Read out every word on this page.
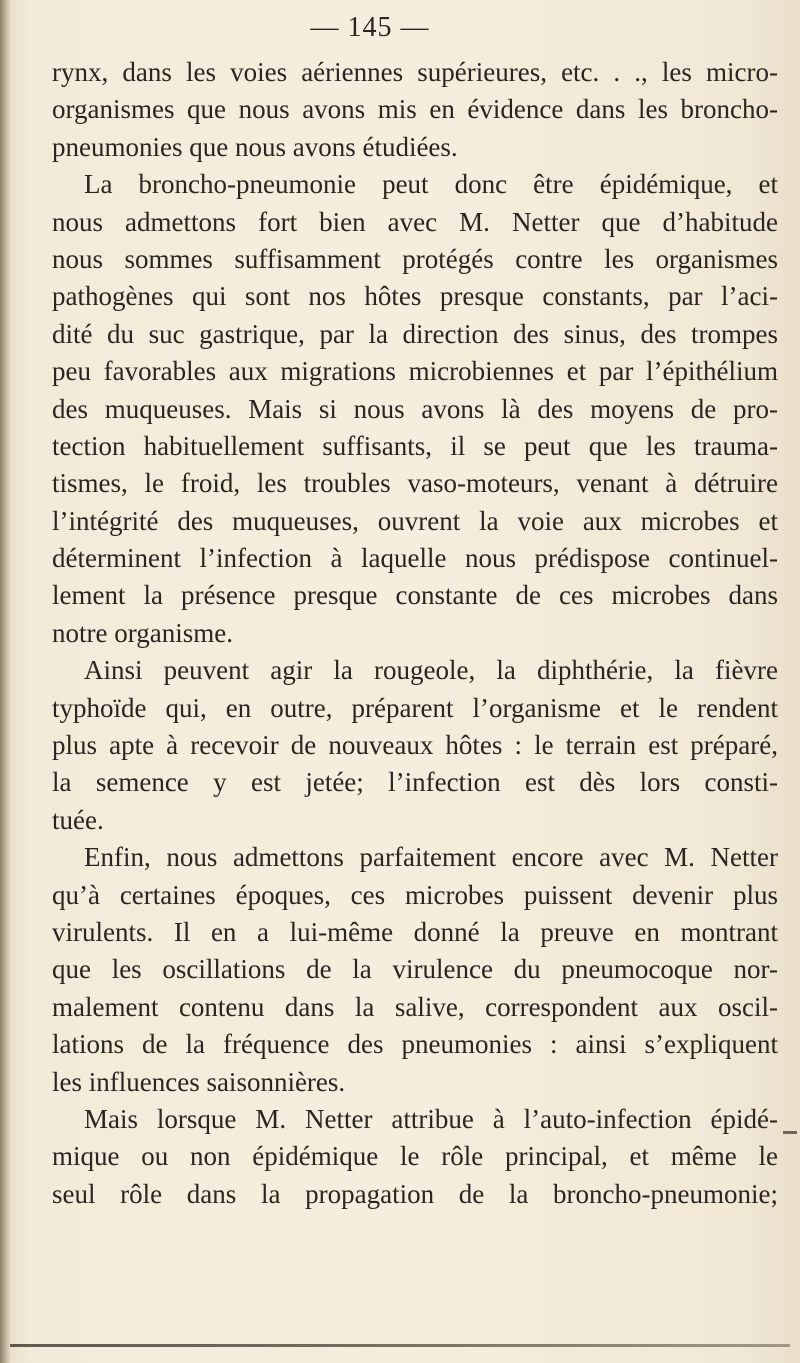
— 145 —
rynx, dans les voies aériennes supérieures, etc. . ., les micro-
organismes que nous avons mis en évidence dans les broncho-
pneumonies que nous avons étudiées.
La broncho-pneumonie peut donc être épidémique, et
nous admettons fort bien avec M. Netter que d’habitude
nous sommes suffisamment protégés contre les organismes
pathogènes qui sont nos hôtes presque constants, par l’aci-
dité du suc gastrique, par la direction des sinus, des trompes
peu favorables aux migrations microbiennes et par l’épithélium
des muqueuses. Mais si nous avons là des moyens de pro-
tection habituellement suffisants, il se peut que les trauma-
tismes, le froid, les troubles vaso-moteurs, venant à détruire
l’intégrité des muqueuses, ouvrent la voie aux microbes et
déterminent l’infection à laquelle nous prédispose continuel-
lement la présence presque constante de ces microbes dans
notre organisme.
Ainsi peuvent agir la rougeole, la diphthérie, la fièvre
typhoïde qui, en outre, préparent l’organisme et le rendent
plus apte à recevoir de nouveaux hôtes : le terrain est préparé,
la semence y est jetée; l’infection est dès lors consti-
tuée.
Enfin, nous admettons parfaitement encore avec M. Netter
qu’à certaines époques, ces microbes puissent devenir plus
virulents. Il en a lui-même donné la preuve en montrant
que les oscillations de la virulence du pneumocoque nor-
malement contenu dans la salive, correspondent aux oscil-
lations de la fréquence des pneumonies : ainsi s’expliquent
les influences saisonnières.
Mais lorsque M. Netter attribue à l’auto-infection épidé-
mique ou non épidémique le rôle principal, et même le
seul rôle dans la propagation de la broncho-pneumonie;
